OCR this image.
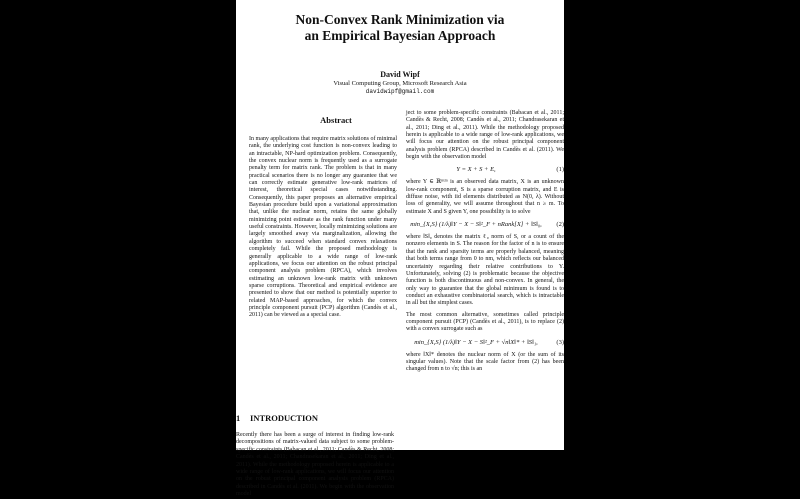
Non-Convex Rank Minimization via
an Empirical Bayesian Approach
David Wipf
Visual Computing Group, Microsoft Research Asia
davidwipf@gmail.com
Abstract

In many applications that require matrix solutions of minimal rank, the underlying cost function is non-convex leading to an intractable, NP-hard optimization problem. Consequently, the convex nuclear norm is frequently used as a surrogate penalty term for matrix rank. The problem is that in many practical scenarios there is no longer any guarantee that we can correctly estimate generative low-rank matrices of interest, theoretical special cases notwithstanding. Consequently, this paper proposes an alternative empirical Bayesian procedure build upon a variational approximation that, unlike the nuclear norm, retains the same globally minimizing point estimate as the rank function under many useful constraints. However, locally minimizing solutions are largely smoothed away via marginalization, allowing the algorithm to succeed when standard convex relaxations completely fail. While the proposed methodology is generally applicable to a wide range of low-rank applications, we focus our attention on the robust principal component analysis problem (RPCA), which involves estimating an unknown low-rank matrix with unknown sparse corruptions. Theoretical and empirical evidence are presented to show that our method is potentially superior to related MAP-based approaches, for which the convex principle component pursuit (PCP) algorithm (Candès et al., 2011) can be viewed as a special case.

1 INTRODUCTION

Recently there has been a surge of interest in finding low-rank decompositions of matrix-valued data subject to some problem-specific constraints (Babacan et al., 2011; Candès & Recht, 2008; Candès et al., 2011; Chandrasekaran et al., 2011; Ding et al., 2011). While the methodology proposed herein is applicable to a wide range of low-rank applications, we will focus our attention on the robust principal component analysis problem (RPCA) described in Candès et al. (2011). We begin with the observation model

ject to some problem-specific constraints (Babacan et al., 2011; Candès & Recht, 2008; Candès et al., 2011; Chandrasekaran et al., 2011; Ding et al., 2011). While the methodology proposed herein is applicable to a wide range of low-rank applications, we will focus our attention on the robust principal component analysis problem (RPCA) described in Candès et al. (2011). We begin with the observation model

Y = X + S + E,	(1)

where Y ∈ ℝⁿˣᵐ is an observed data matrix, X is an unknown low-rank component, S is a sparse corruption matrix, and E is diffuse noise, with iid elements distributed as N(0, λ). Without loss of generality, we will assume throughout that n ≥ m. To estimate X and S given Y, one possibility is to solve

min_{X,S} (1/λ)‖Y − X − S‖²_F + nRank[X] + ‖S‖₀,	(2)

where ‖S‖₀ denotes the matrix ℓ₀ norm of S, or a count of the nonzero elements in S. The reason for the factor of n is to ensure that the rank and sparsity terms are properly balanced, meaning that both terms range from 0 to nm, which reflects our balanced uncertainty regarding their relative contributions to Y. Unfortunately, solving (2) is problematic because the objective function is both discontinuous and non-convex. In general, the only way to guarantee that the global minimum is found is to conduct an exhaustive combinatorial search, which is intractable in all but the simplest cases.

The most common alternative, sometimes called principle component pursuit (PCP) (Candès et al., 2011), is to replace (2) with a convex surrogate such as

min_{X,S} (1/λ)‖Y − X − S‖²_F + √n‖X‖* + ‖S‖₁,	(3)

where ‖X‖* denotes the nuclear norm of X (or the sum of its singular values). Note that the scale factor from (2) has been changed from n to √n; this is an
